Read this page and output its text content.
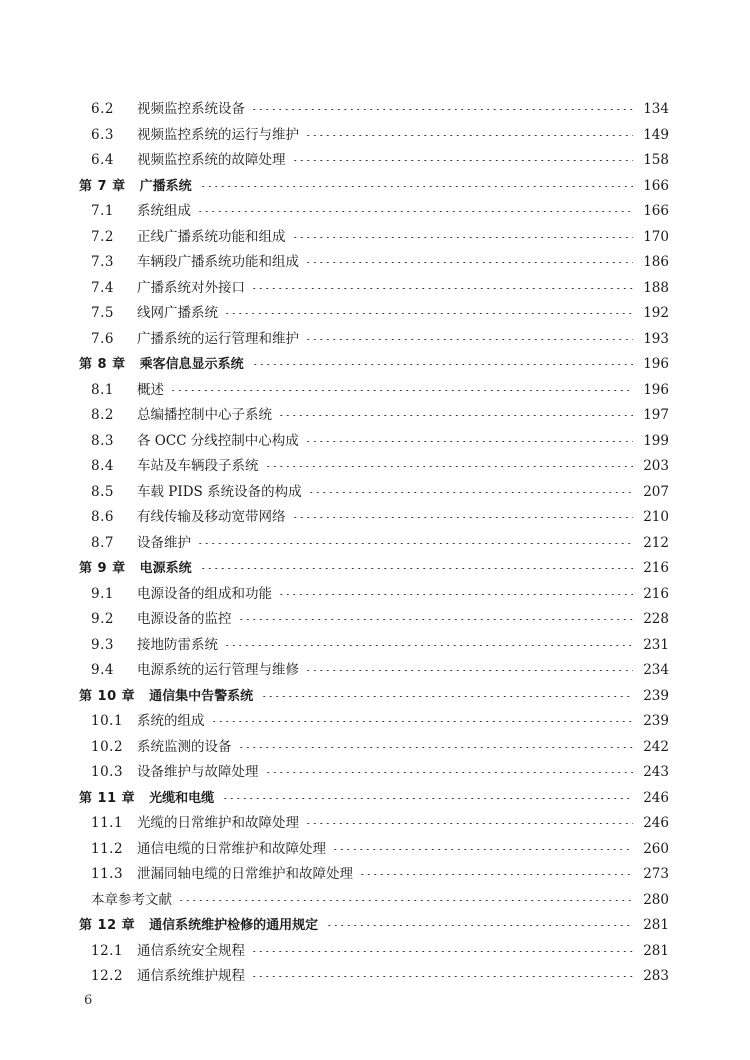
6.2	视频监控系统设备	134
6.3	视频监控系统的运行与维护	149
6.4	视频监控系统的故障处理	158
第 7 章 广播系统	166
7.1	系统组成	166
7.2	正线广播系统功能和组成	170
7.3	车辆段广播系统功能和组成	186
7.4	广播系统对外接口	188
7.5	线网广播系统	192
7.6	广播系统的运行管理和维护	193
第 8 章 乘客信息显示系统	196
8.1	概述	196
8.2	总编播控制中心子系统	197
8.3	各 OCC 分线控制中心构成	199
8.4	车站及车辆段子系统	203
8.5	车载 PIDS 系统设备的构成	207
8.6	有线传输及移动宽带网络	210
8.7	设备维护	212
第 9 章 电源系统	216
9.1	电源设备的组成和功能	216
9.2	电源设备的监控	228
9.3	接地防雷系统	231
9.4	电源系统的运行管理与维修	234
第 10 章 通信集中告警系统	239
10.1 系统的组成	239
10.2 系统监测的设备	242
10.3 设备维护与故障处理	243
第 11 章 光缆和电缆	246
11.1 光缆的日常维护和故障处理	246
11.2 通信电缆的日常维护和故障处理	260
11.3 泄漏同轴电缆的日常维护和故障处理	273
本章参考文献	280
第 12 章 通信系统维护检修的通用规定	281
12.1 通信系统安全规程	281
12.2 通信系统维护规程	283
6
